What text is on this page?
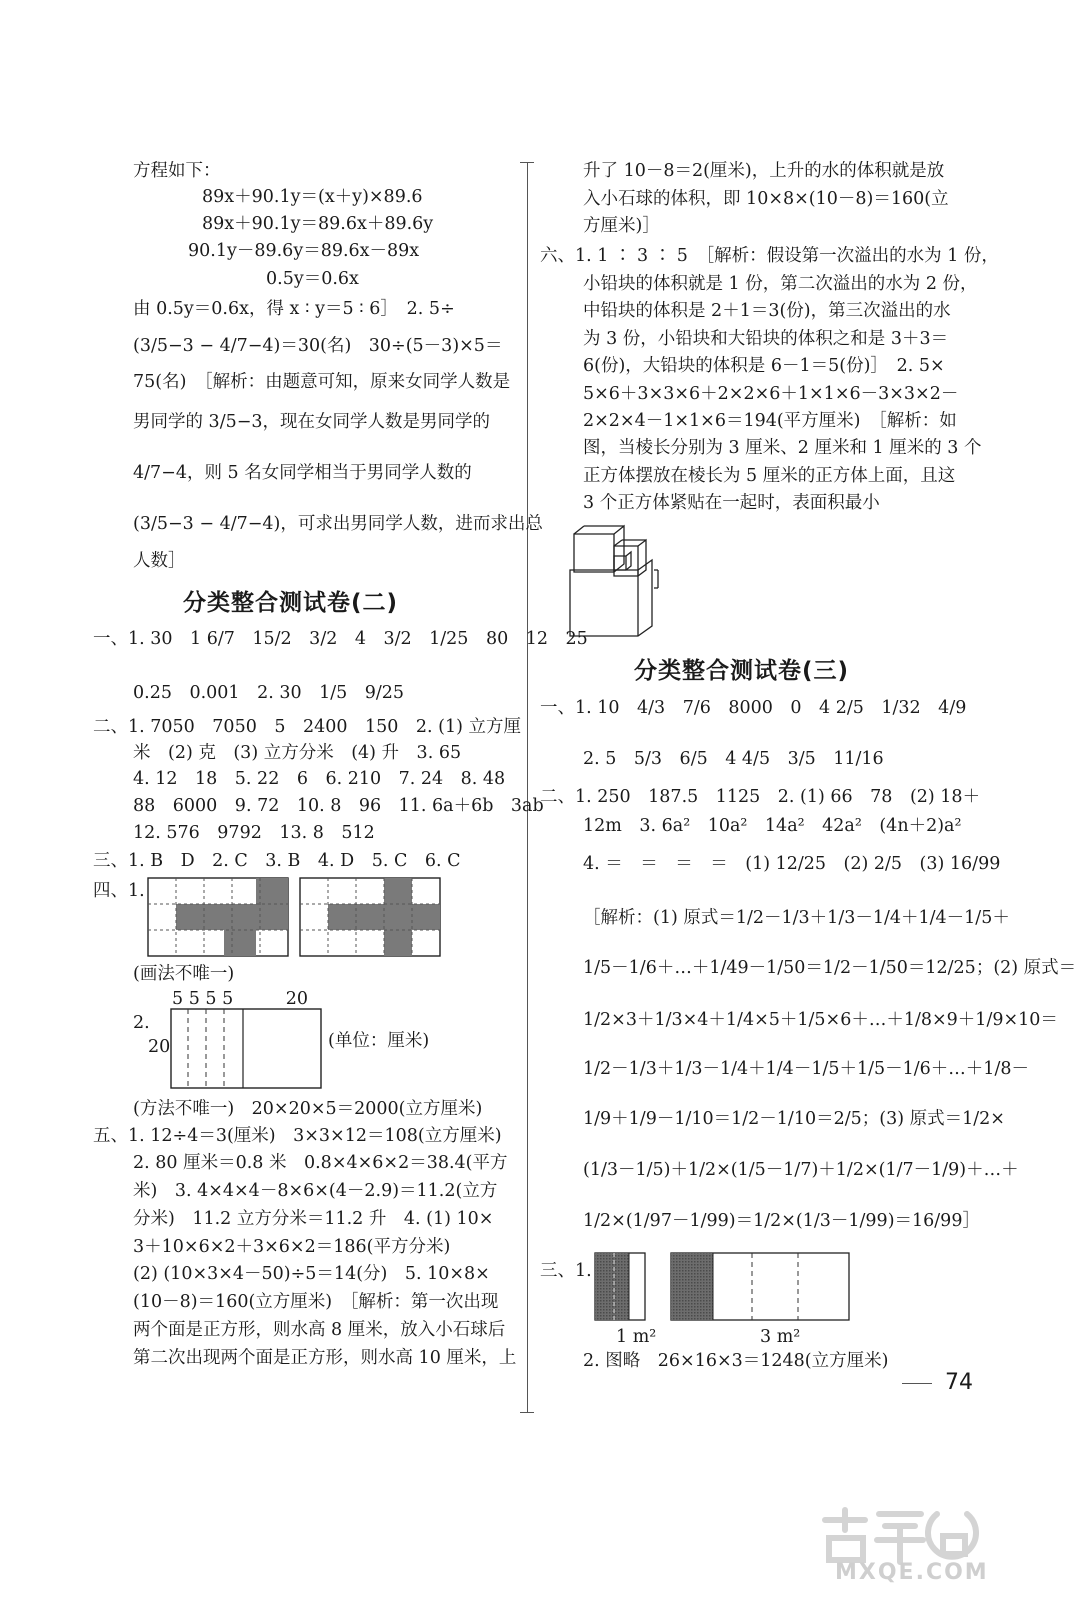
方程如下：
89x＋90.1y＝(x＋y)×89.6
89x＋90.1y＝89.6x＋89.6y
90.1y－89.6y＝89.6x－89x
0.5y＝0.6x
由 0.5y＝0.6x，得 x ∶ y＝5 ∶ 6］　2. 5÷
(3/5−3 − 4/7−4)＝30(名)　30÷(5－3)×5＝
75(名)　［解析：由题意可知，原来女同学人数是
男同学的 3/5−3，现在女同学人数是男同学的
4/7−4，则 5 名女同学相当于男同学人数的
(3/5−3 − 4/7−4)，可求出男同学人数，进而求出总
人数］
分类整合测试卷(二)
一、1. 30　1 6/7　15/2　3/2　4　3/2　1/25　80　12　25
0.25　0.001　2. 30　1/5　9/25
二、1. 7050　7050　5　2400　150　2. (1) 立方厘
米　(2) 克　(3) 立方分米　(4) 升　3. 65
4. 12　18　5. 22　6　6. 210　7. 24　8. 48
88　6000　9. 72　10. 8　96　11. 6a＋6b　3ab
12. 576　9792　13. 8　512
三、1. B　D　2. C　3. B　4. D　5. C　6. C
四、1.
(画法不唯一)
2.
5 5 5 5　　　20
20	(单位：厘米)
(方法不唯一)　20×20×5＝2000(立方厘米)
五、1. 12÷4＝3(厘米)　3×3×12＝108(立方厘米)
2. 80 厘米＝0.8 米　0.8×4×6×2＝38.4(平方
米)　3. 4×4×4－8×6×(4－2.9)＝11.2(立方
分米)　11.2 立方分米＝11.2 升　4. (1) 10×
3＋10×6×2＋3×6×2＝186(平方分米)
(2) (10×3×4－50)÷5＝14(分)　5. 10×8×
(10－8)＝160(立方厘米)　［解析：第一次出现
两个面是正方形，则水高 8 厘米，放入小石球后
第二次出现两个面是正方形，则水高 10 厘米，上
升了 10－8＝2(厘米)，上升的水的体积就是放
入小石球的体积，即 10×8×(10－8)＝160(立
方厘米)］
六、1. 1 ∶ 3 ∶ 5　［解析：假设第一次溢出的水为 1 份，
小铅块的体积就是 1 份，第二次溢出的水为 2 份，
中铅块的体积是 2＋1＝3(份)，第三次溢出的水
为 3 份，小铅块和大铅块的体积之和是 3＋3＝
6(份)，大铅块的体积是 6－1＝5(份)］　2. 5×
5×6＋3×3×6＋2×2×6＋1×1×6－3×3×2－
2×2×4－1×1×6＝194(平方厘米)　［解析：如
图，当棱长分别为 3 厘米、2 厘米和 1 厘米的 3 个
正方体摆放在棱长为 5 厘米的正方体上面，且这
3 个正方体紧贴在一起时，表面积最小
分类整合测试卷(三)
一、1. 10　4/3　7/6　8000　0　4 2/5　1/32　4/9
2. 5　5/3　6/5　4 4/5　3/5　11/16
二、1. 250　187.5　1125　2. (1) 66　78　(2) 18＋
12m　3. 6a²　10a²　14a²　42a²　(4n＋2)a²
4. ＝　＝　＝　＝　(1) 12/25　(2) 2/5　(3) 16/99
［解析：(1) 原式＝1/2－1/3＋1/3－1/4＋1/4－1/5＋
1/5－1/6＋…＋1/49－1/50＝1/2－1/50＝12/25；(2) 原式＝
1/2×3＋1/3×4＋1/4×5＋1/5×6＋…＋1/8×9＋1/9×10＝
1/2－1/3＋1/3－1/4＋1/4－1/5＋1/5－1/6＋…＋1/8－
1/9＋1/9－1/10＝1/2－1/10＝2/5；(3) 原式＝1/2×
(1/3－1/5)＋1/2×(1/5－1/7)＋1/2×(1/7－1/9)＋…＋
1/2×(1/97－1/99)＝1/2×(1/3－1/99)＝16/99］
三、1.
1 m²	3 m²
2. 图略　26×16×3＝1248(立方厘米)
74
MXQE.COM
